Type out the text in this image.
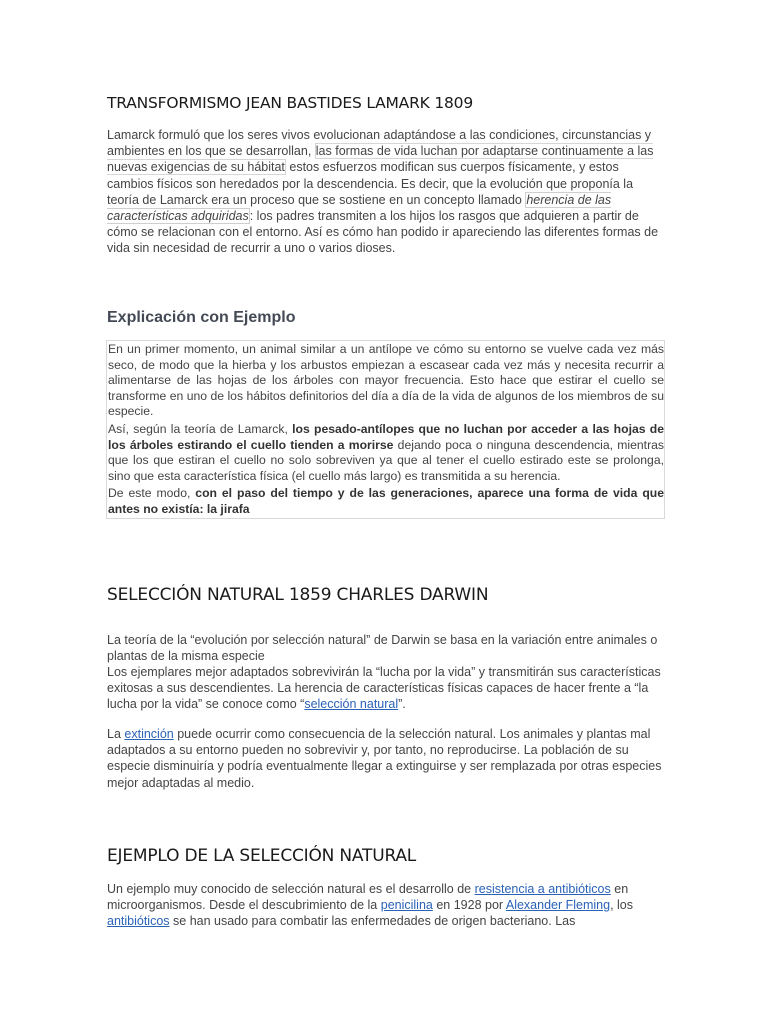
TRANSFORMISMO JEAN BASTIDES LAMARK 1809

Lamarck formuló que los seres vivos evolucionan adaptándose a las condiciones, circunstancias y ambientes en los que se desarrollan, las formas de vida luchan por adaptarse continuamente a las nuevas exigencias de su hábitat estos esfuerzos modifican sus cuerpos físicamente, y estos cambios físicos son heredados por la descendencia. Es decir, que la evolución que proponía la teoría de Lamarck era un proceso que se sostiene en un concepto llamado herencia de las características adquiridas: los padres transmiten a los hijos los rasgos que adquieren a partir de cómo se relacionan con el entorno. Así es cómo han podido ir apareciendo las diferentes formas de vida sin necesidad de recurrir a uno o varios dioses.

Explicación con Ejemplo

En un primer momento, un animal similar a un antílope ve cómo su entorno se vuelve cada vez más seco, de modo que la hierba y los arbustos empiezan a escasear cada vez más y necesita recurrir a alimentarse de las hojas de los árboles con mayor frecuencia. Esto hace que estirar el cuello se transforme en uno de los hábitos definitorios del día a día de la vida de algunos de los miembros de su especie.

Así, según la teoría de Lamarck, los pesado-antílopes que no luchan por acceder a las hojas de los árboles estirando el cuello tienden a morirse dejando poca o ninguna descendencia, mientras que los que estiran el cuello no solo sobreviven ya que al tener el cuello estirado este se prolonga, sino que esta característica física (el cuello más largo) es transmitida a su herencia.

De este modo, con el paso del tiempo y de las generaciones, aparece una forma de vida que antes no existía: la jirafa

SELECCIÓN NATURAL 1859 CHARLES DARWIN

La teoría de la “evolución por selección natural” de Darwin se basa en la variación entre animales o plantas de la misma especie

Los ejemplares mejor adaptados sobrevivirán la “lucha por la vida” y transmitirán sus características exitosas a sus descendientes. La herencia de características físicas capaces de hacer frente a “la lucha por la vida” se conoce como “selección natural”.

La extinción puede ocurrir como consecuencia de la selección natural. Los animales y plantas mal adaptados a su entorno pueden no sobrevivir y, por tanto, no reproducirse. La población de su especie disminuiría y podría eventualmente llegar a extinguirse y ser remplazada por otras especies mejor adaptadas al medio.

EJEMPLO DE LA SELECCIÓN NATURAL

Un ejemplo muy conocido de selección natural es el desarrollo de resistencia a antibióticos en microorganismos. Desde el descubrimiento de la penicilina en 1928 por Alexander Fleming, los antibióticos se han usado para combatir las enfermedades de origen bacteriano. Las
